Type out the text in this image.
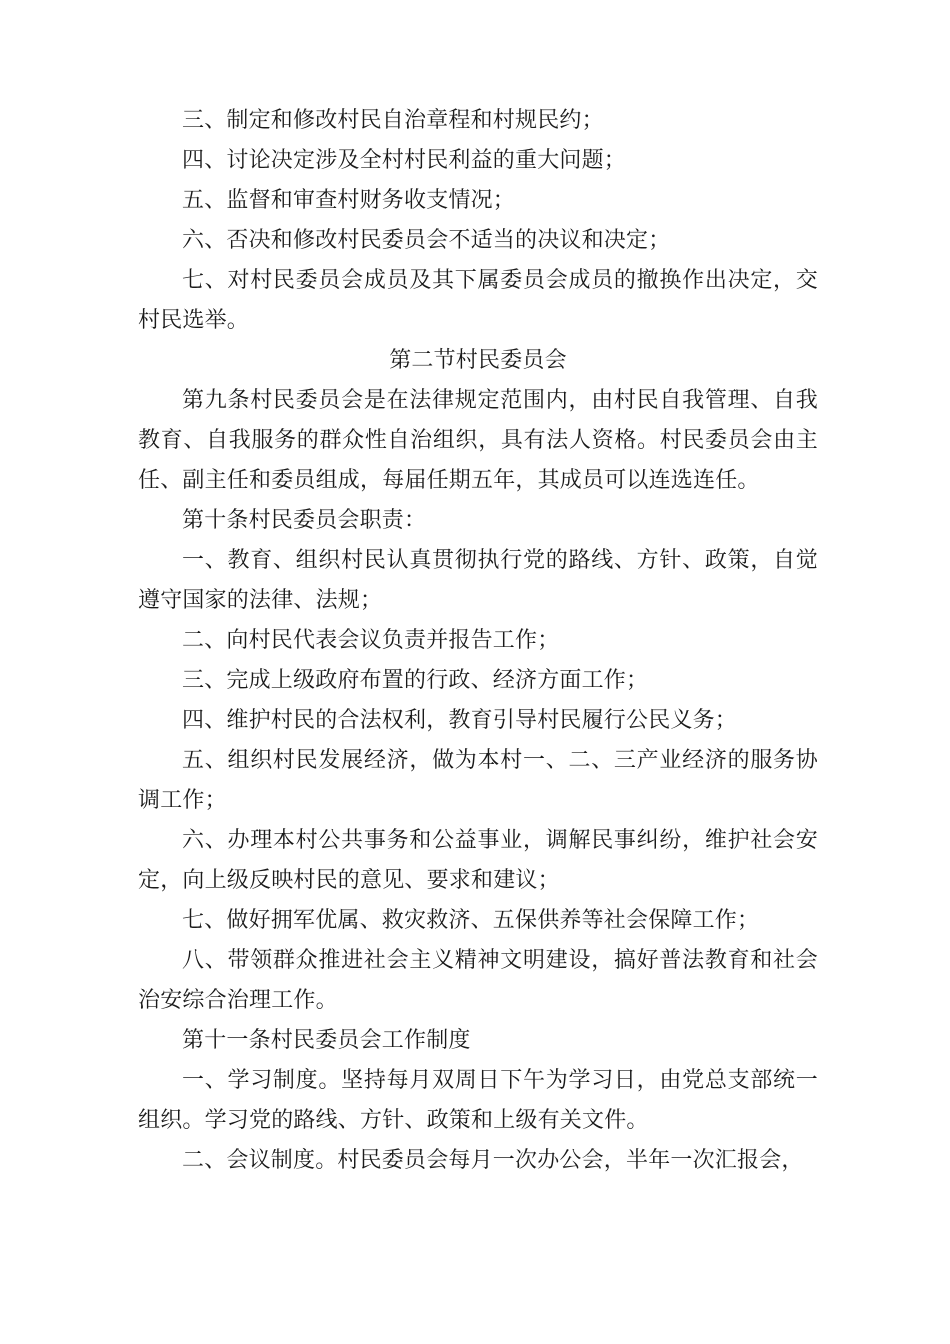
三、制定和修改村民自治章程和村规民约；

四、讨论决定涉及全村村民利益的重大问题；

五、监督和审查村财务收支情况；

六、否决和修改村民委员会不适当的决议和决定；

七、对村民委员会成员及其下属委员会成员的撤换作出决定，交村民选举。

第二节村民委员会

第九条村民委员会是在法律规定范围内，由村民自我管理、自我教育、自我服务的群众性自治组织，具有法人资格。村民委员会由主任、副主任和委员组成，每届任期五年，其成员可以连选连任。

第十条村民委员会职责：

一、教育、组织村民认真贯彻执行党的路线、方针、政策，自觉遵守国家的法律、法规；

二、向村民代表会议负责并报告工作；

三、完成上级政府布置的行政、经济方面工作；

四、维护村民的合法权利，教育引导村民履行公民义务；

五、组织村民发展经济，做为本村一、二、三产业经济的服务协调工作；

六、办理本村公共事务和公益事业，调解民事纠纷，维护社会安定，向上级反映村民的意见、要求和建议；

七、做好拥军优属、救灾救济、五保供养等社会保障工作；

八、带领群众推进社会主义精神文明建设，搞好普法教育和社会治安综合治理工作。

第十一条村民委员会工作制度

一、学习制度。坚持每月双周日下午为学习日，由党总支部统一组织。学习党的路线、方针、政策和上级有关文件。

二、会议制度。村民委员会每月一次办公会，半年一次汇报会，
